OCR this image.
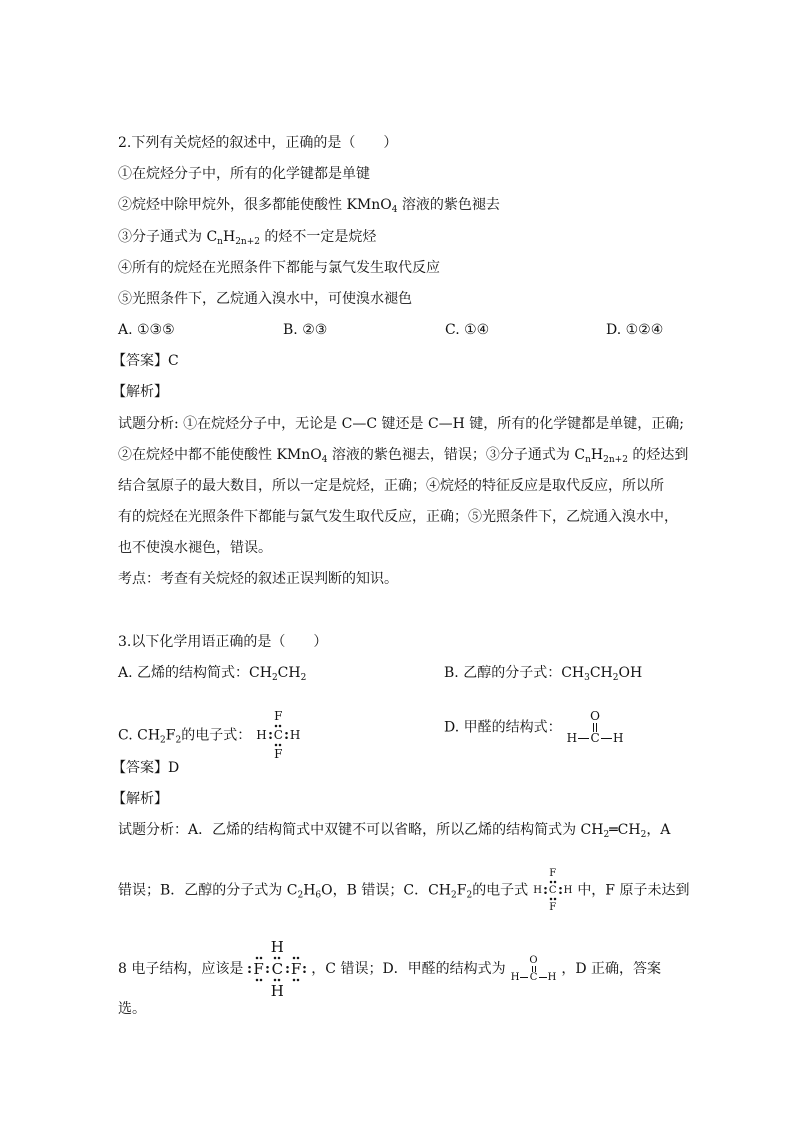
2.下列有关烷烃的叙述中，正确的是（　　）
①在烷烃分子中，所有的化学键都是单键
②烷烃中除甲烷外，很多都能使酸性 KMnO$_4$ 溶液的紫色褪去
③分子通式为 $C_nH_{2n+2}$ 的烃不一定是烷烃
④所有的烷烃在光照条件下都能与氯气发生取代反应
⑤光照条件下，乙烷通入溴水中，可使溴水褪色
A. ①③⑤	B. ②③	C. ①④	D. ①②④
【答案】C
【解析】
试题分析: ①在烷烃分子中，无论是 C—C 键还是 C—H 键，所有的化学键都是单键，正确;
②在烷烃中都不能使酸性 KMnO$_4$ 溶液的紫色褪去，错误；③分子通式为 $C_nH_{2n+2}$ 的烃达到
结合氢原子的最大数目，所以一定是烷烃，正确；④烷烃的特征反应是取代反应，所以所
有的烷烃在光照条件下都能与氯气发生取代反应，正确；⑤光照条件下，乙烷通入溴水中，
也不使溴水褪色，错误。
考点：考查有关烷烃的叙述正误判断的知识。
3.以下化学用语正确的是（　　）
A. 乙烯的结构简式：$CH_2CH_2$	B. 乙醇的分子式：$CH_3CH_2OH$
C. $CH_2F_2$的电子式：
F
H C H
F
D. 甲醛的结构式：
O
H C H
【答案】D
【解析】
试题分析：A．乙烯的结构简式中双键不可以省略，所以乙烯的结构简式为 $CH_2═CH_2$，A
错误；B．乙醇的分子式为 $C_2H_6O$，B 错误；C．$CH_2F_2$的电子式
F
H C H
F
中，F 原子未达到
8 电子结构，应该是
H
F C F
H
，C 错误；D．甲醛的结构式为
O
H C H
，D 正确，答案
选。
